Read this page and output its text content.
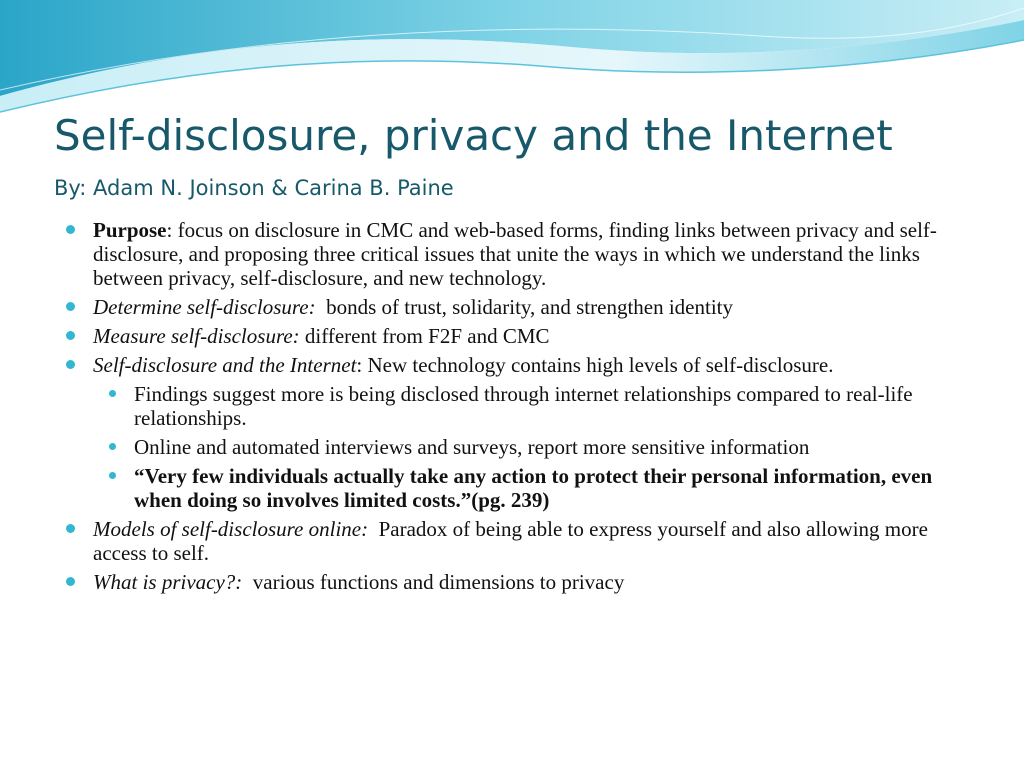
Self-disclosure, privacy and the Internet
By: Adam N. Joinson & Carina B. Paine
Purpose: focus on disclosure in CMC and web-based forms, finding links between privacy and self-disclosure, and proposing three critical issues that unite the ways in which we understand the links between privacy, self-disclosure, and new technology.
Determine self-disclosure:  bonds of trust, solidarity, and strengthen identity
Measure self-disclosure: different from F2F and CMC
Self-disclosure and the Internet: New technology contains high levels of self-disclosure.
Findings suggest more is being disclosed through internet relationships compared to real-life relationships.
Online and automated interviews and surveys, report more sensitive information
“Very few individuals actually take any action to protect their personal information, even when doing so involves limited costs.”(pg. 239)
Models of self-disclosure online:  Paradox of being able to express yourself and also allowing more access to self.
What is privacy?:  various functions and dimensions to privacy
